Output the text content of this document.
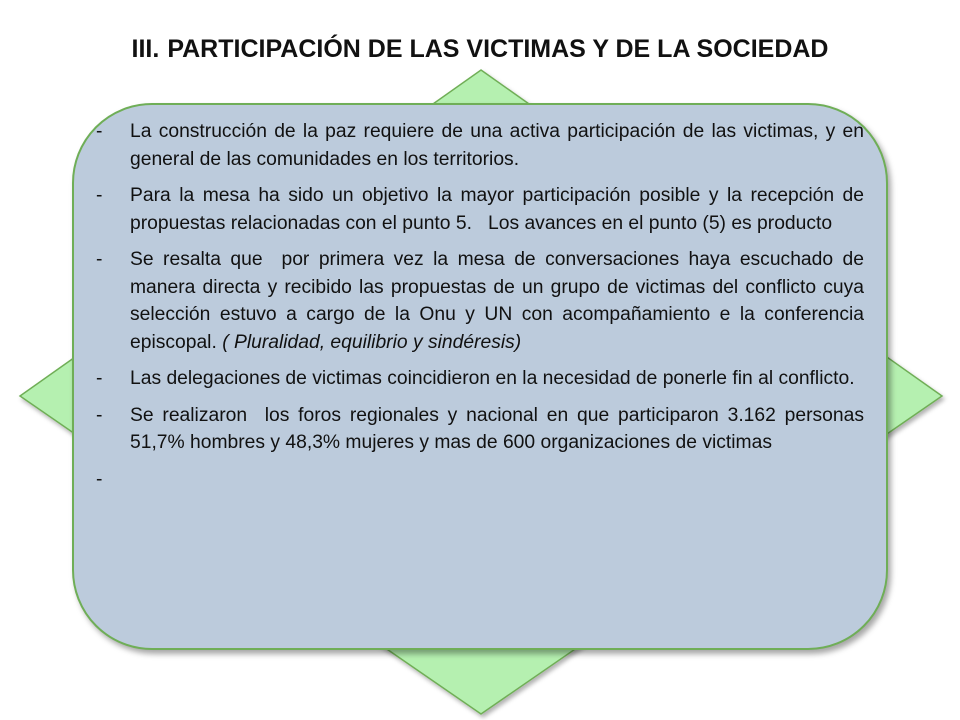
III. PARTICIPACIÓN DE LAS VICTIMAS Y DE LA SOCIEDAD
- La construcción de la paz requiere de una activa participación de las victimas, y en general de las comunidades en los territorios.
- Para la mesa ha sido un objetivo la mayor participación posible y la recepción de propuestas relacionadas con el punto 5.   Los avances en el punto (5) es producto
- Se resalta que  por primera vez la mesa de conversaciones haya escuchado de manera directa y recibido las propuestas de un grupo de victimas del conflicto cuya selección estuvo a cargo de la Onu y UN con acompañamiento e la conferencia episcopal. ( Pluralidad, equilibrio y sindéresis)
- Las delegaciones de victimas coincidieron en la necesidad de ponerle fin al conflicto.
- Se realizaron  los foros regionales y nacional en que participaron 3.162 personas 51,7% hombres y 48,3% mujeres y mas de 600 organizaciones de victimas
-
